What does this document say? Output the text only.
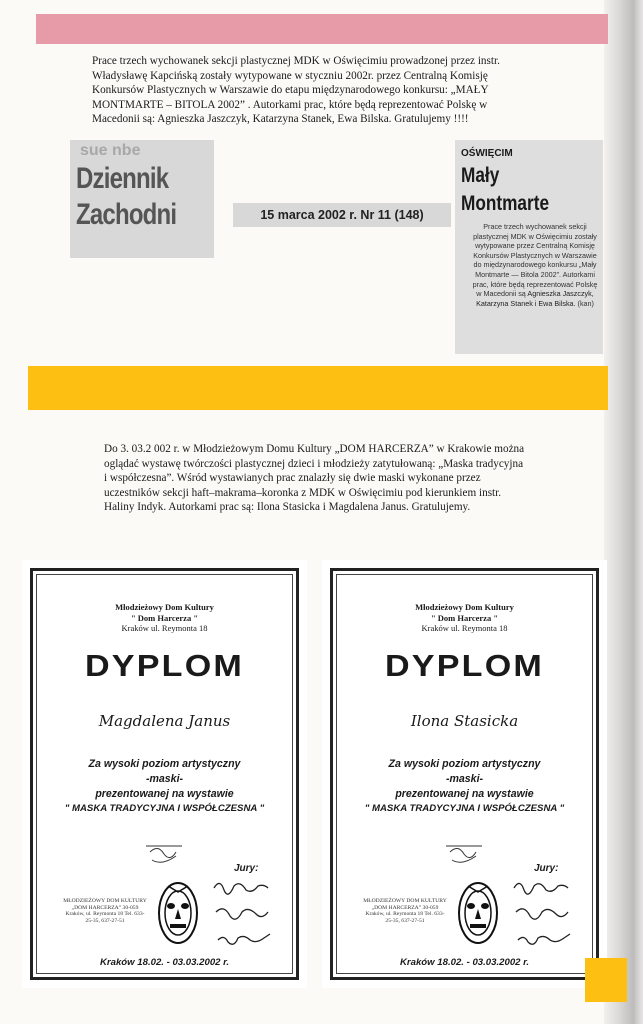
Prace trzech wychowanek sekcji plastycznej MDK w Oświęcimiu prowadzonej przez instr.
Władysławę Kapcińską zostały wytypowane w styczniu 2002r. przez Centralną Komisję
Konkursów Plastycznych w Warszawie do etapu międzynarodowego konkursu: „MAŁY
MONTMARTE – BITOLA 2002” . Autorkami prac, które będą reprezentować Polskę w
Macedonii są: Agnieszka Jaszczyk, Katarzyna Stanek, Ewa Bilska. Gratulujemy !!!!
sue nbe
Dziennik
Zachodni	15 marca 2002 r. Nr 11 (148)
OŚWIĘCIM
Mały Montmarte
Prace trzech wychowanek sekcji plastycznej MDK w Oświęcimiu zostały wytypowane przez Centralną Komisję Konkursów Plastycznych w Warszawie do międzynarodowego konkursu „Mały Montmarte — Bitola 2002”. Autorkami prac, które będą reprezentować Polskę w Macedonii są Agnieszka Jaszczyk, Katarzyna Stanek i Ewa Bilska. (kan)
Do 3. 03.2 002 r. w Młodzieżowym Domu Kultury „DOM HARCERZA” w Krakowie można
oglądać wystawę twórczości plastycznej dzieci i młodzieży zatytułowaną: „Maska tradycyjna
i współczesna”. Wśród wystawianych prac znalazły się dwie maski wykonane przez
uczestników sekcji haft–makrama–koronka z MDK w Oświęcimiu pod kierunkiem instr.
Haliny Indyk. Autorkami prac są: Ilona Stasicka i Magdalena Janus. Gratulujemy.
Młodzieżowy Dom Kultury
" Dom Harcerza "
Kraków ul. Reymonta 18
DYPLOM
Magdalena Janus
Za wysoki poziom artystyczny
-maski-
prezentowanej na wystawie
" MASKA TRADYCYJNA I WSPÓŁCZESNA "
Jury:
MŁODZIEŻOWY DOM KULTURY „DOM HARCERZA” 30-059 Kraków, ul. Reymonta 18 Tel. 633-25-35, 637-27-51
Kraków 18.02. - 03.03.2002 r.
Młodzieżowy Dom Kultury
" Dom Harcerza "
Kraków ul. Reymonta 18
DYPLOM
Ilona Stasicka
Za wysoki poziom artystyczny
-maski-
prezentowanej na wystawie
" MASKA TRADYCYJNA I WSPÓŁCZESNA "
Jury:
MŁODZIEŻOWY DOM KULTURY „DOM HARCERZA” 30-059 Kraków, ul. Reymonta 18 Tel. 633-25-35, 637-27-51
Kraków 18.02. - 03.03.2002 r.
